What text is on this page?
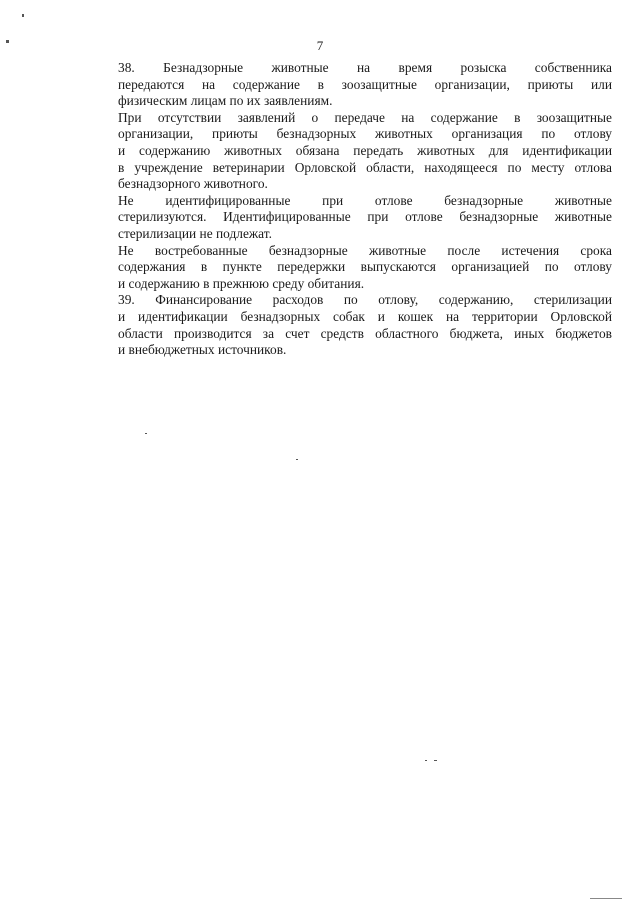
7

38. Безнадзорные животные на время розыска собственника
передаются на содержание в зоозащитные организации, приюты или
физическим лицам по их заявлениям.

При отсутствии заявлений о передаче на содержание в зоозащитные
организации, приюты безнадзорных животных организация по отлову
и содержанию животных обязана передать животных для идентификации
в учреждение ветеринарии Орловской области, находящееся по месту отлова
безнадзорного животного.

Не идентифицированные при отлове безнадзорные животные
стерилизуются. Идентифицированные при отлове безнадзорные животные
стерилизации не подлежат.

Не востребованные безнадзорные животные после истечения срока
содержания в пункте передержки выпускаются организацией по отлову
и содержанию в прежнюю среду обитания.

39. Финансирование расходов по отлову, содержанию, стерилизации
и идентификации безнадзорных собак и кошек на территории Орловской
области производится за счет средств областного бюджета, иных бюджетов
и внебюджетных источников.
